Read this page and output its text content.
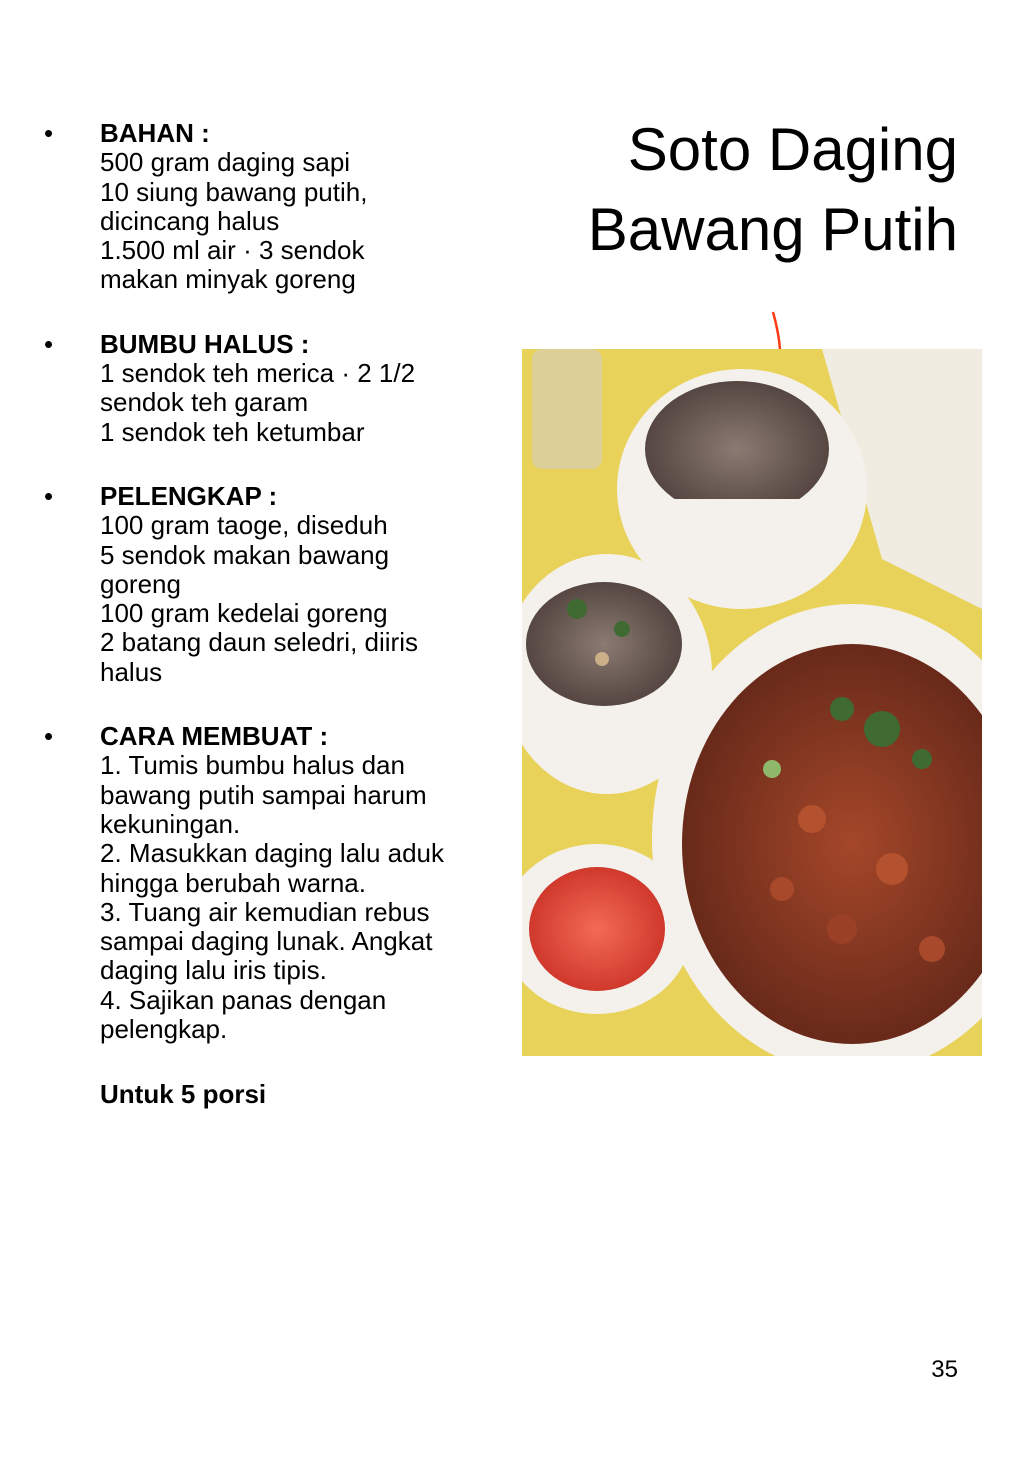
Soto Daging
Bawang Putih
•	BAHAN :
500 gram daging sapi
10 siung bawang putih,
dicincang halus
1.500 ml air · 3 sendok
makan minyak goreng
•	BUMBU HALUS :
1 sendok teh merica · 2 1/2
sendok teh garam
1 sendok teh ketumbar
•	PELENGKAP :
100 gram taoge, diseduh
5 sendok makan bawang
goreng
100 gram kedelai goreng
2 batang daun seledri, diiris
halus
•	CARA MEMBUAT :
1. Tumis bumbu halus dan
bawang putih sampai harum
kekuningan.
2. Masukkan daging lalu aduk
hingga berubah warna.
3. Tuang air kemudian rebus
sampai daging lunak. Angkat
daging lalu iris tipis.
4. Sajikan panas dengan
pelengkap.
Untuk 5 porsi
35
